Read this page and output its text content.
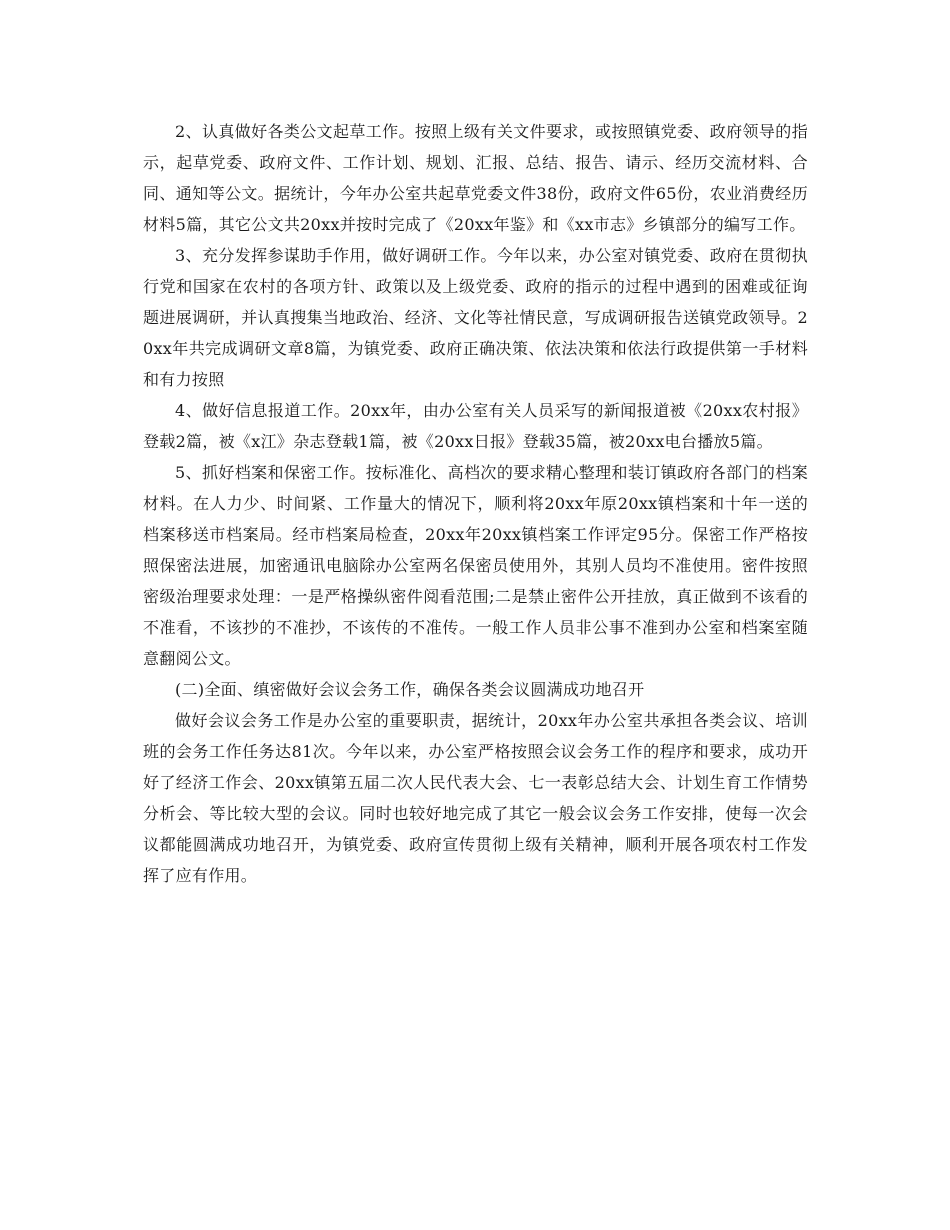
2、认真做好各类公文起草工作。按照上级有关文件要求，或按照镇党委、政府领导的指示，起草党委、政府文件、工作计划、规划、汇报、总结、报告、请示、经历交流材料、合同、通知等公文。据统计，今年办公室共起草党委文件38份，政府文件65份，农业消费经历材料5篇，其它公文共20xx并按时完成了《20xx年鉴》和《xx市志》乡镇部分的编写工作。

3、充分发挥参谋助手作用，做好调研工作。今年以来，办公室对镇党委、政府在贯彻执行党和国家在农村的各项方针、政策以及上级党委、政府的指示的过程中遇到的困难或征询题进展调研，并认真搜集当地政治、经济、文化等社情民意，写成调研报告送镇党政领导。20xx年共完成调研文章8篇，为镇党委、政府正确决策、依法决策和依法行政提供第一手材料和有力按照

4、做好信息报道工作。20xx年，由办公室有关人员采写的新闻报道被《20xx农村报》登载2篇，被《x江》杂志登载1篇，被《20xx日报》登载35篇，被20xx电台播放5篇。

5、抓好档案和保密工作。按标准化、高档次的要求精心整理和装订镇政府各部门的档案材料。在人力少、时间紧、工作量大的情况下，顺利将20xx年原20xx镇档案和十年一送的档案移送市档案局。经市档案局检查，20xx年20xx镇档案工作评定95分。保密工作严格按照保密法进展，加密通讯电脑除办公室两名保密员使用外，其别人员均不准使用。密件按照密级治理要求处理：一是严格操纵密件阅看范围;二是禁止密件公开挂放，真正做到不该看的不准看，不该抄的不准抄，不该传的不准传。一般工作人员非公事不准到办公室和档案室随意翻阅公文。

(二)全面、缜密做好会议会务工作，确保各类会议圆满成功地召开

做好会议会务工作是办公室的重要职责，据统计，20xx年办公室共承担各类会议、培训班的会务工作任务达81次。今年以来，办公室严格按照会议会务工作的程序和要求，成功开好了经济工作会、20xx镇第五届二次人民代表大会、七一表彰总结大会、计划生育工作情势分析会、等比较大型的会议。同时也较好地完成了其它一般会议会务工作安排，使每一次会议都能圆满成功地召开，为镇党委、政府宣传贯彻上级有关精神，顺利开展各项农村工作发挥了应有作用。
